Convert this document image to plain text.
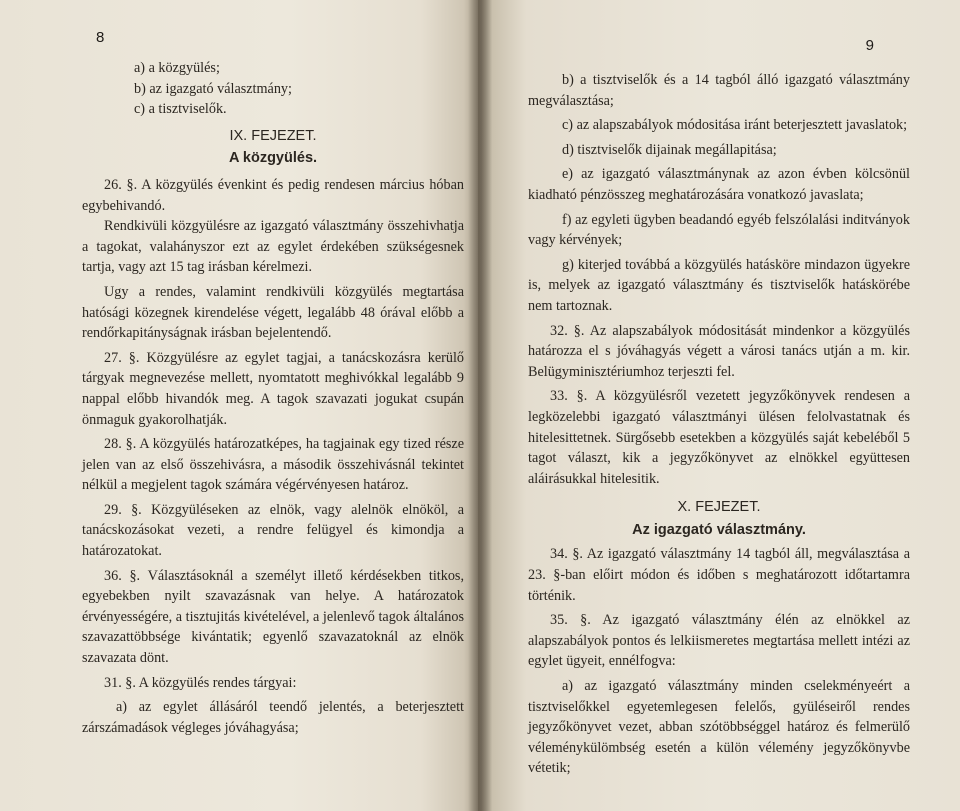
8

a) a közgyülés;

b) az igazgató választmány;

c) a tisztviselők.

IX. FEJEZET.
A közgyülés.

26. §. A közgyülés évenkint és pedig rendesen március hóban egybehivandó.

Rendkivüli közgyülésre az igazgató választmány összehivhatja a tagokat, valahányszor ezt az egylet érdekében szükségesnek tartja, vagy azt 15 tag irásban kérelmezi.

Ugy a rendes, valamint rendkivüli közgyülés megtartása hatósági közegnek kirendelése végett, legalább 48 órával előbb a rendőrkapitányságnak irásban bejelentendő.

27. §. Közgyülésre az egylet tagjai, a tanácskozásra kerülő tárgyak megnevezése mellett, nyomtatott meghivókkal legalább 9 nappal előbb hivandók meg. A tagok szavazati jogukat csupán önmaguk gyakorolhatják.

28. §. A közgyülés határozatképes, ha tagjainak egy tized része jelen van az első összehivásra, a második összehivásnál tekintet nélkül a megjelent tagok számára végérvényesen határoz.

29. §. Közgyüléseken az elnök, vagy alelnök elnököl, a tanácskozásokat vezeti, a rendre felügyel és kimondja a határozatokat.

36. §. Választásoknál a személyt illető kérdésekben titkos, egyebekben nyilt szavazásnak van helye. A határozatok érvényességére, a tisztujitás kivételével, a jelenlevő tagok általános szavazattöbbsége kivántatik; egyenlő szavazatoknál az elnök szavazata dönt.

31. §. A közgyülés rendes tárgyai:

a) az egylet állásáról teendő jelentés, a beterjesztett zárszámadások végleges jóváhagyása;

9

b) a tisztviselők és a 14 tagból álló igazgató választmány megválasztása;

c) az alapszabályok módositása iránt beterjesztett javaslatok;

d) tisztviselők dijainak megállapitása;

e) az igazgató választmánynak az azon évben kölcsönül kiadható pénzösszeg meghatározására vonatkozó javaslata;

f) az egyleti ügyben beadandó egyéb felszólalási inditványok vagy kérvények;

g) kiterjed továbbá a közgyülés hatásköre mindazon ügyekre is, melyek az igazgató választmány és tisztviselők hatáskörébe nem tartoznak.

32. §. Az alapszabályok módositását mindenkor a közgyülés határozza el s jóváhagyás végett a városi tanács utján a m. kir. Belügyminisztériumhoz terjeszti fel.

33. §. A közgyülésről vezetett jegyzőkönyvek rendesen a legközelebbi igazgató választmányi ülésen felolvastatnak és hitelesittetnek. Sürgősebb esetekben a közgyülés saját kebeléből 5 tagot választ, kik a jegyzőkönyvet az elnökkel együttesen aláirásukkal hitelesitik.

X. FEJEZET.
Az igazgató választmány.

34. §. Az igazgató választmány 14 tagból áll, megválasztása a 23. §-ban előirt módon és időben s meghatározott időtartamra történik.

35. §. Az igazgató választmány élén az elnökkel az alapszabályok pontos és lelkiismeretes megtartása mellett intézi az egylet ügyeit, ennélfogva:

a) az igazgató választmány minden cselekményeért a tisztviselőkkel egyetemlegesen felelős, gyüléseiről rendes jegyzőkönyvet vezet, abban szótöbbséggel határoz és felmerülő véleménykülömbség esetén a külön vélemény jegyzőkönyvbe vétetik;
